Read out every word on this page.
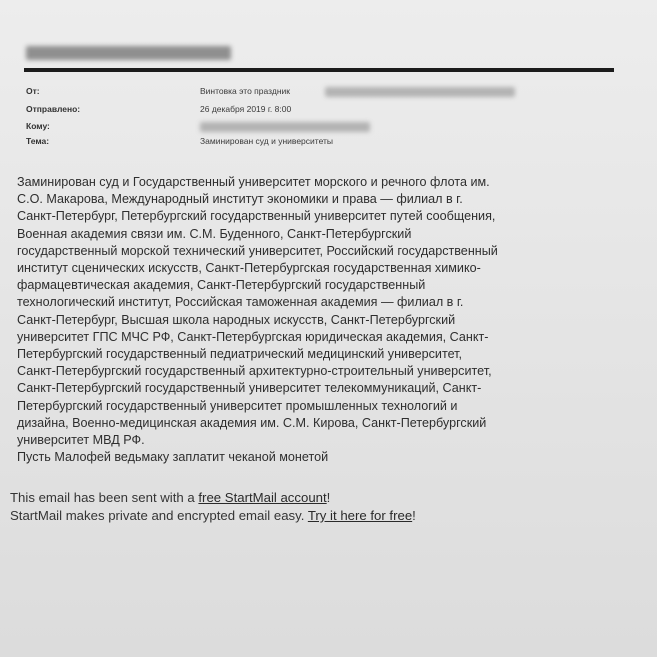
От:	Винтовка это праздник
Отправлено:	26 декабря 2019 г. 8:00
Кому:
Тема:	Заминирован суд и университеты
Заминирован суд и Государственный университет морского и речного флота им.
С.О. Макарова, Международный институт экономики и права — филиал в г.
Санкт-Петербург, Петербургский государственный университет путей сообщения,
Военная академия связи им. С.М. Буденного, Санкт-Петербургский
государственный морской технический университет, Российский государственный
институт сценических искусств, Санкт-Петербургская государственная химико-
фармацевтическая академия, Санкт-Петербургский государственный
технологический институт, Российская таможенная академия — филиал в г.
Санкт-Петербург, Высшая школа народных искусств, Санкт-Петербургский
университет ГПС МЧС РФ, Санкт-Петербургская юридическая академия, Санкт-
Петербургский государственный педиатрический медицинский университет,
Санкт-Петербургский государственный архитектурно-строительный университет,
Санкт-Петербургский государственный университет телекоммуникаций, Санкт-
Петербургский государственный университет промышленных технологий и
дизайна, Военно-медицинская академия им. С.М. Кирова, Санкт-Петербургский
университет МВД РФ.
Пусть Малофей ведьмаку заплатит чеканой монетой
This email has been sent with a free StartMail account!
StartMail makes private and encrypted email easy. Try it here for free!
